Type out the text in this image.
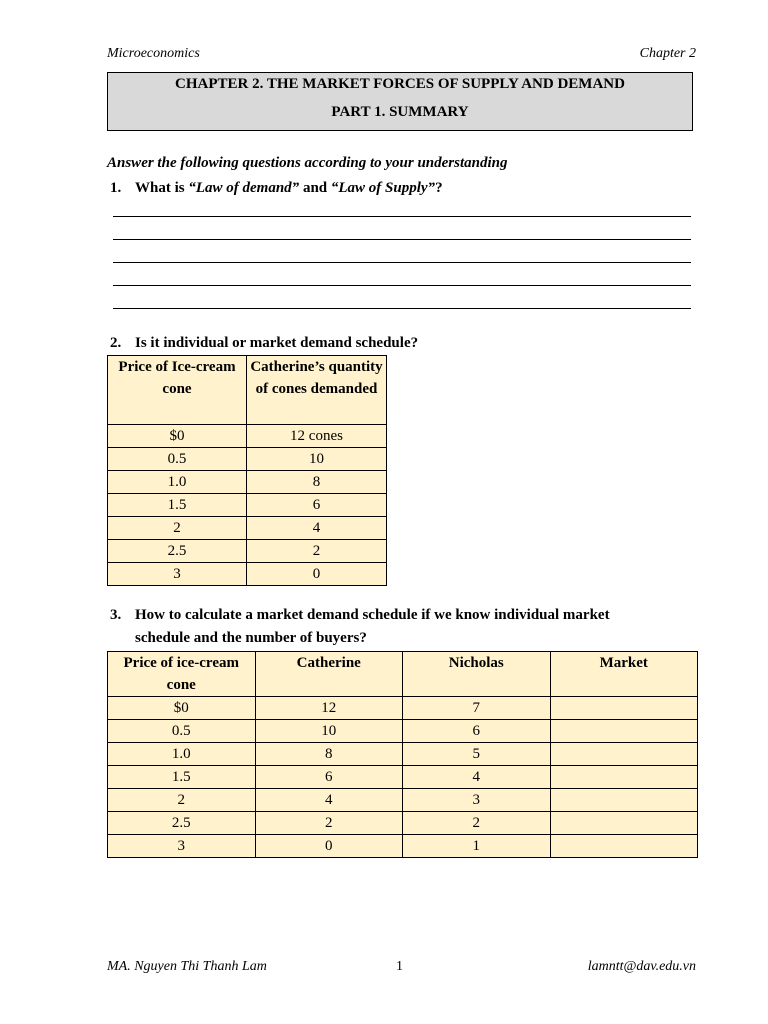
Microeconomics	Chapter 2
CHAPTER 2. THE MARKET FORCES OF SUPPLY AND DEMAND
PART 1. SUMMARY
Answer the following questions according to your understanding
1. What is “Law of demand” and “Law of Supply”?
2. Is it individual or market demand schedule?
Price of Ice-cream cone	Catherine’s quantity of cones demanded
$0	12 cones
0.5	10
1.0	8
1.5	6
2	4
2.5	2
3	0
3. How to calculate a market demand schedule if we know individual market
schedule and the number of buyers?
Price of ice-cream cone	Catherine	Nicholas	Market
$0	12	7	
0.5	10	6	
1.0	8	5	
1.5	6	4	
2	4	3	
2.5	2	2	
3	0	1	
MA. Nguyen Thi Thanh Lam	1	lamntt@dav.edu.vn
